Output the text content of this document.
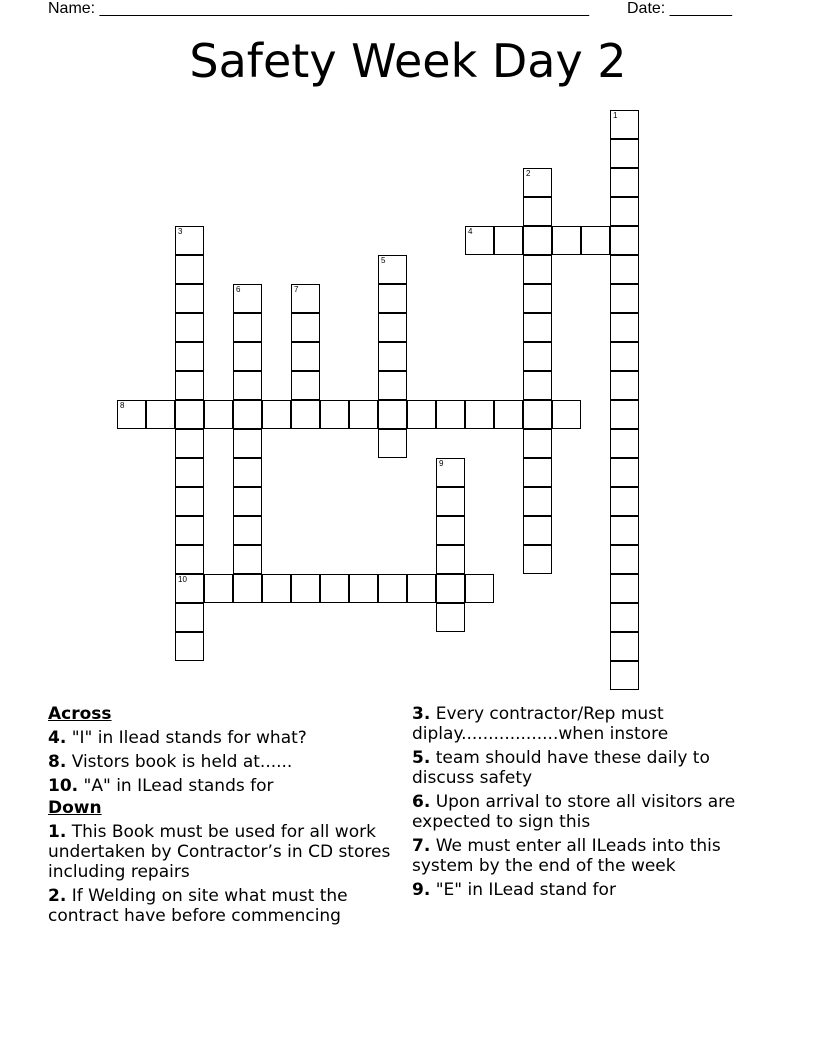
Name: _______________________________________________________ Date: _______
Safety Week Day 2
1
2
3
10
4
5
6	7
8
9
Across
4. "I" in Ilead stands for what?
8. Vistors book is held at......
10. "A" in ILead stands for
Down
1. This Book must be used for all work undertaken by Contractor’s in CD stores including repairs
2. If Welding on site what must the contract have before commencing
3. Every contractor/Rep must diplay..................when instore
5. team should have these daily to discuss safety
6. Upon arrival to store all visitors are expected to sign this
7. We must enter all ILeads into this system by the end of the week
9. "E" in ILead stand for
